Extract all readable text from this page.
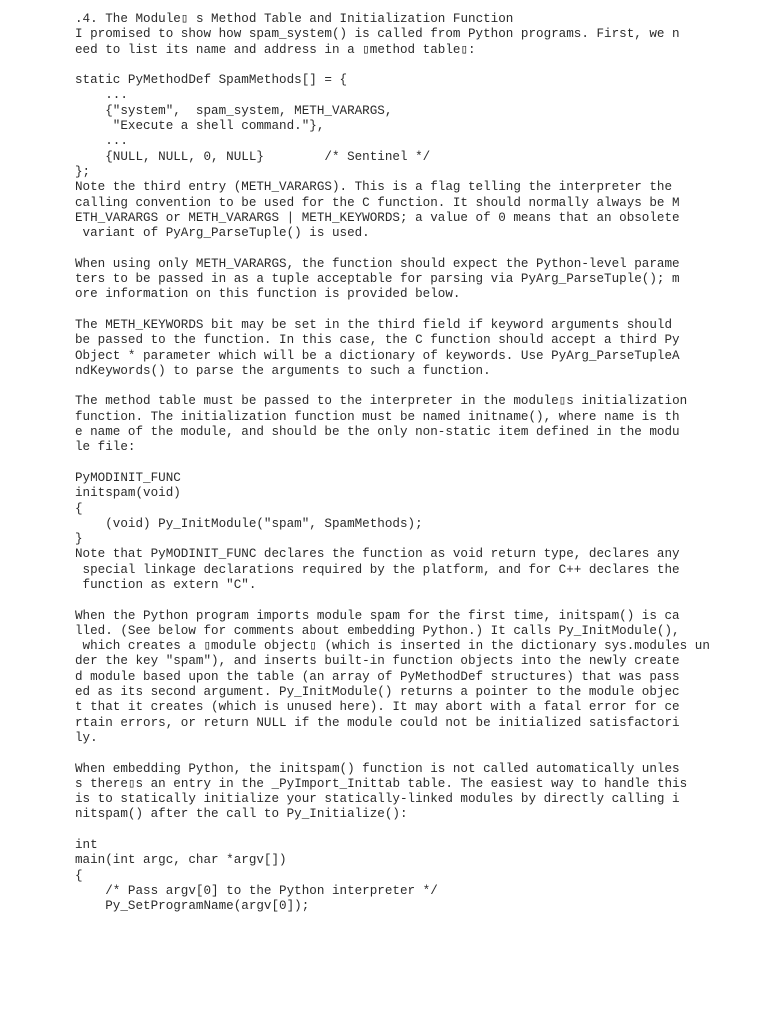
.4. The Module▯ s Method Table and Initialization Function
I promised to show how spam_system() is called from Python programs. First, we n
eed to list its name and address in a ▯method table▯:
static PyMethodDef SpamMethods[] = {
...
{"system",  spam_system, METH_VARARGS,
"Execute a shell command."},
...
{NULL, NULL, 0, NULL}        /* Sentinel */
};
Note the third entry (METH_VARARGS). This is a flag telling the interpreter the
calling convention to be used for the C function. It should normally always be M
ETH_VARARGS or METH_VARARGS | METH_KEYWORDS; a value of 0 means that an obsolete
variant of PyArg_ParseTuple() is used.
When using only METH_VARARGS, the function should expect the Python-level parame
ters to be passed in as a tuple acceptable for parsing via PyArg_ParseTuple(); m
ore information on this function is provided below.
The METH_KEYWORDS bit may be set in the third field if keyword arguments should
be passed to the function. In this case, the C function should accept a third Py
Object * parameter which will be a dictionary of keywords. Use PyArg_ParseTupleA
ndKeywords() to parse the arguments to such a function.
The method table must be passed to the interpreter in the module▯s initialization
function. The initialization function must be named initname(), where name is th
e name of the module, and should be the only non-static item defined in the modu
le file:
PyMODINIT_FUNC
initspam(void)
{
(void) Py_InitModule("spam", SpamMethods);
}
Note that PyMODINIT_FUNC declares the function as void return type, declares any
special linkage declarations required by the platform, and for C++ declares the
function as extern "C".
When the Python program imports module spam for the first time, initspam() is ca
lled. (See below for comments about embedding Python.) It calls Py_InitModule(),
which creates a ▯module object▯ (which is inserted in the dictionary sys.modules un
der the key "spam"), and inserts built-in function objects into the newly create
d module based upon the table (an array of PyMethodDef structures) that was pass
ed as its second argument. Py_InitModule() returns a pointer to the module objec
t that it creates (which is unused here). It may abort with a fatal error for ce
rtain errors, or return NULL if the module could not be initialized satisfactori
ly.
When embedding Python, the initspam() function is not called automatically unles
s there▯s an entry in the _PyImport_Inittab table. The easiest way to handle this
is to statically initialize your statically-linked modules by directly calling i
nitspam() after the call to Py_Initialize():
int
main(int argc, char *argv[])
{
/* Pass argv[0] to the Python interpreter */
Py_SetProgramName(argv[0]);
